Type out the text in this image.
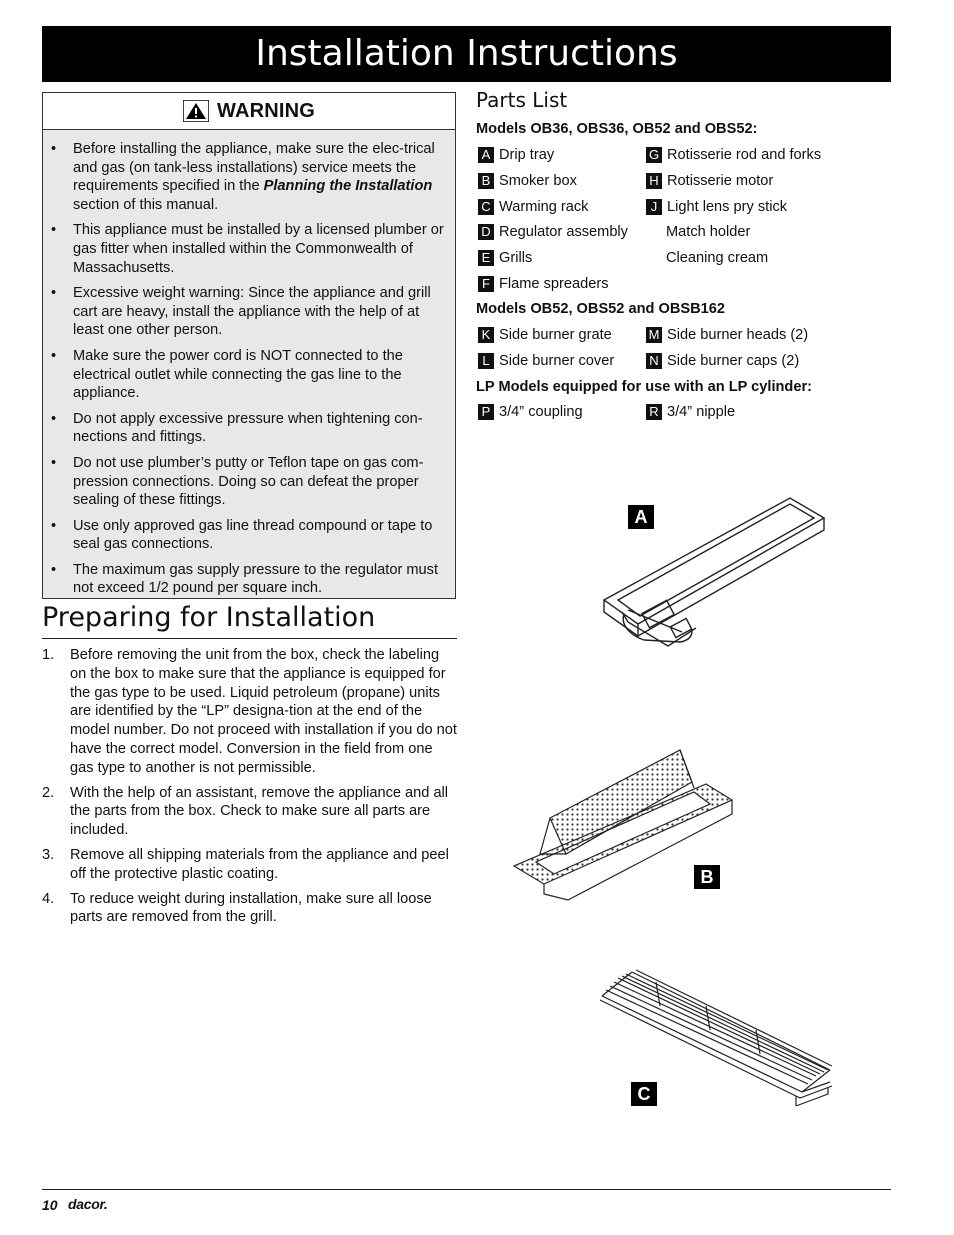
Installation Instructions
WARNING
• Before installing the appliance, make sure the elec-trical and gas (on tank-less installations) service meets the requirements specified in the Planning the Installation section of this manual.
• This appliance must be installed by a licensed plumber or gas fitter when installed within the Commonwealth of Massachusetts.
• Excessive weight warning: Since the appliance and grill cart are heavy, install the appliance with the help of at least one other person.
• Make sure the power cord is NOT connected to the electrical outlet while connecting the gas line to the appliance.
• Do not apply excessive pressure when tightening con-nections and fittings.
• Do not use plumber’s putty or Teflon tape on gas com-pression connections. Doing so can defeat the proper sealing of these fittings.
• Use only approved gas line thread compound or tape to seal gas connections.
• The maximum gas supply pressure to the regulator must not exceed 1/2 pound per square inch.
Preparing for Installation
1. Before removing the unit from the box, check the labeling on the box to make sure that the appliance is equipped for the gas type to be used. Liquid petroleum (propane) units are identified by the “LP” designa-tion at the end of the model number. Do not proceed with installation if you do not have the correct model. Conversion in the field from one gas type to another is not permissible.
2. With the help of an assistant, remove the appliance and all the parts from the box. Check to make sure all parts are included.
3. Remove all shipping materials from the appliance and peel off the protective plastic coating.
4. To reduce weight during installation, make sure all loose parts are removed from the grill.
Parts List
Models OB36, OBS36, OB52 and OBS52:
A Drip tray	G Rotisserie rod and forks
B Smoker box	H Rotisserie motor
C Warming rack	J Light lens pry stick
D Regulator assembly	Match holder
E Grills	Cleaning cream
F Flame spreaders
Models OB52, OBS52 and OBSB162
K Side burner grate	M Side burner heads (2)
L Side burner cover	N Side burner caps (2)
LP Models equipped for use with an LP cylinder:
P 3/4” coupling	R 3/4” nipple
A
B
C
10 dacor.
